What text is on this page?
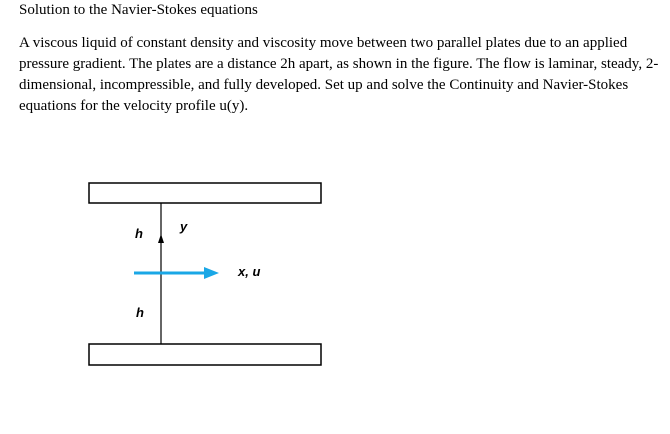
Solution to the Navier-Stokes equations

A viscous liquid of constant density and viscosity move between two parallel plates due to an applied pressure gradient. The plates are a distance 2h apart, as shown in the figure. The flow is laminar, steady, 2-dimensional, incompressible, and fully developed. Set up and solve the Continuity and Navier-Stokes equations for the velocity profile u(y).

h	y
x, u
h
